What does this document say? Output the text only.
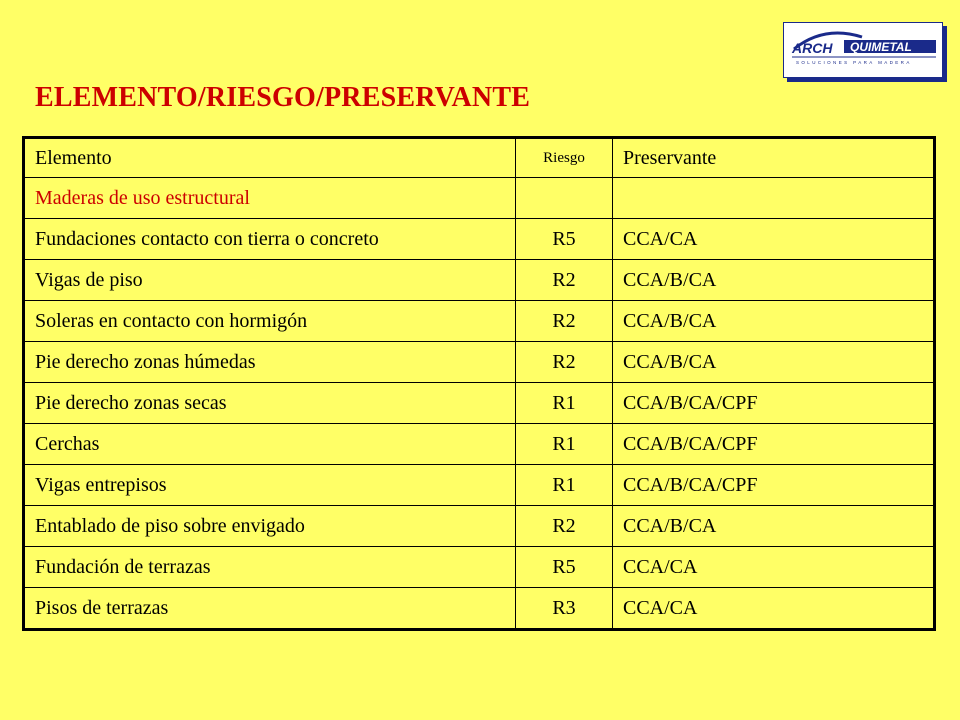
ARCH QUIMETAL
SOLUCIONES PARA MADERA
ELEMENTO/RIESGO/PRESERVANTE
Elemento	Riesgo	Preservante
Maderas de uso estructural		
Fundaciones contacto con tierra o concreto	R5	CCA/CA
Vigas de piso	R2	CCA/B/CA
Soleras en contacto con hormigón	R2	CCA/B/CA
Pie derecho zonas húmedas	R2	CCA/B/CA
Pie derecho zonas secas	R1	CCA/B/CA/CPF
Cerchas	R1	CCA/B/CA/CPF
Vigas entrepisos	R1	CCA/B/CA/CPF
Entablado de piso sobre envigado	R2	CCA/B/CA
Fundación de terrazas	R5	CCA/CA
Pisos de terrazas	R3	CCA/CA
